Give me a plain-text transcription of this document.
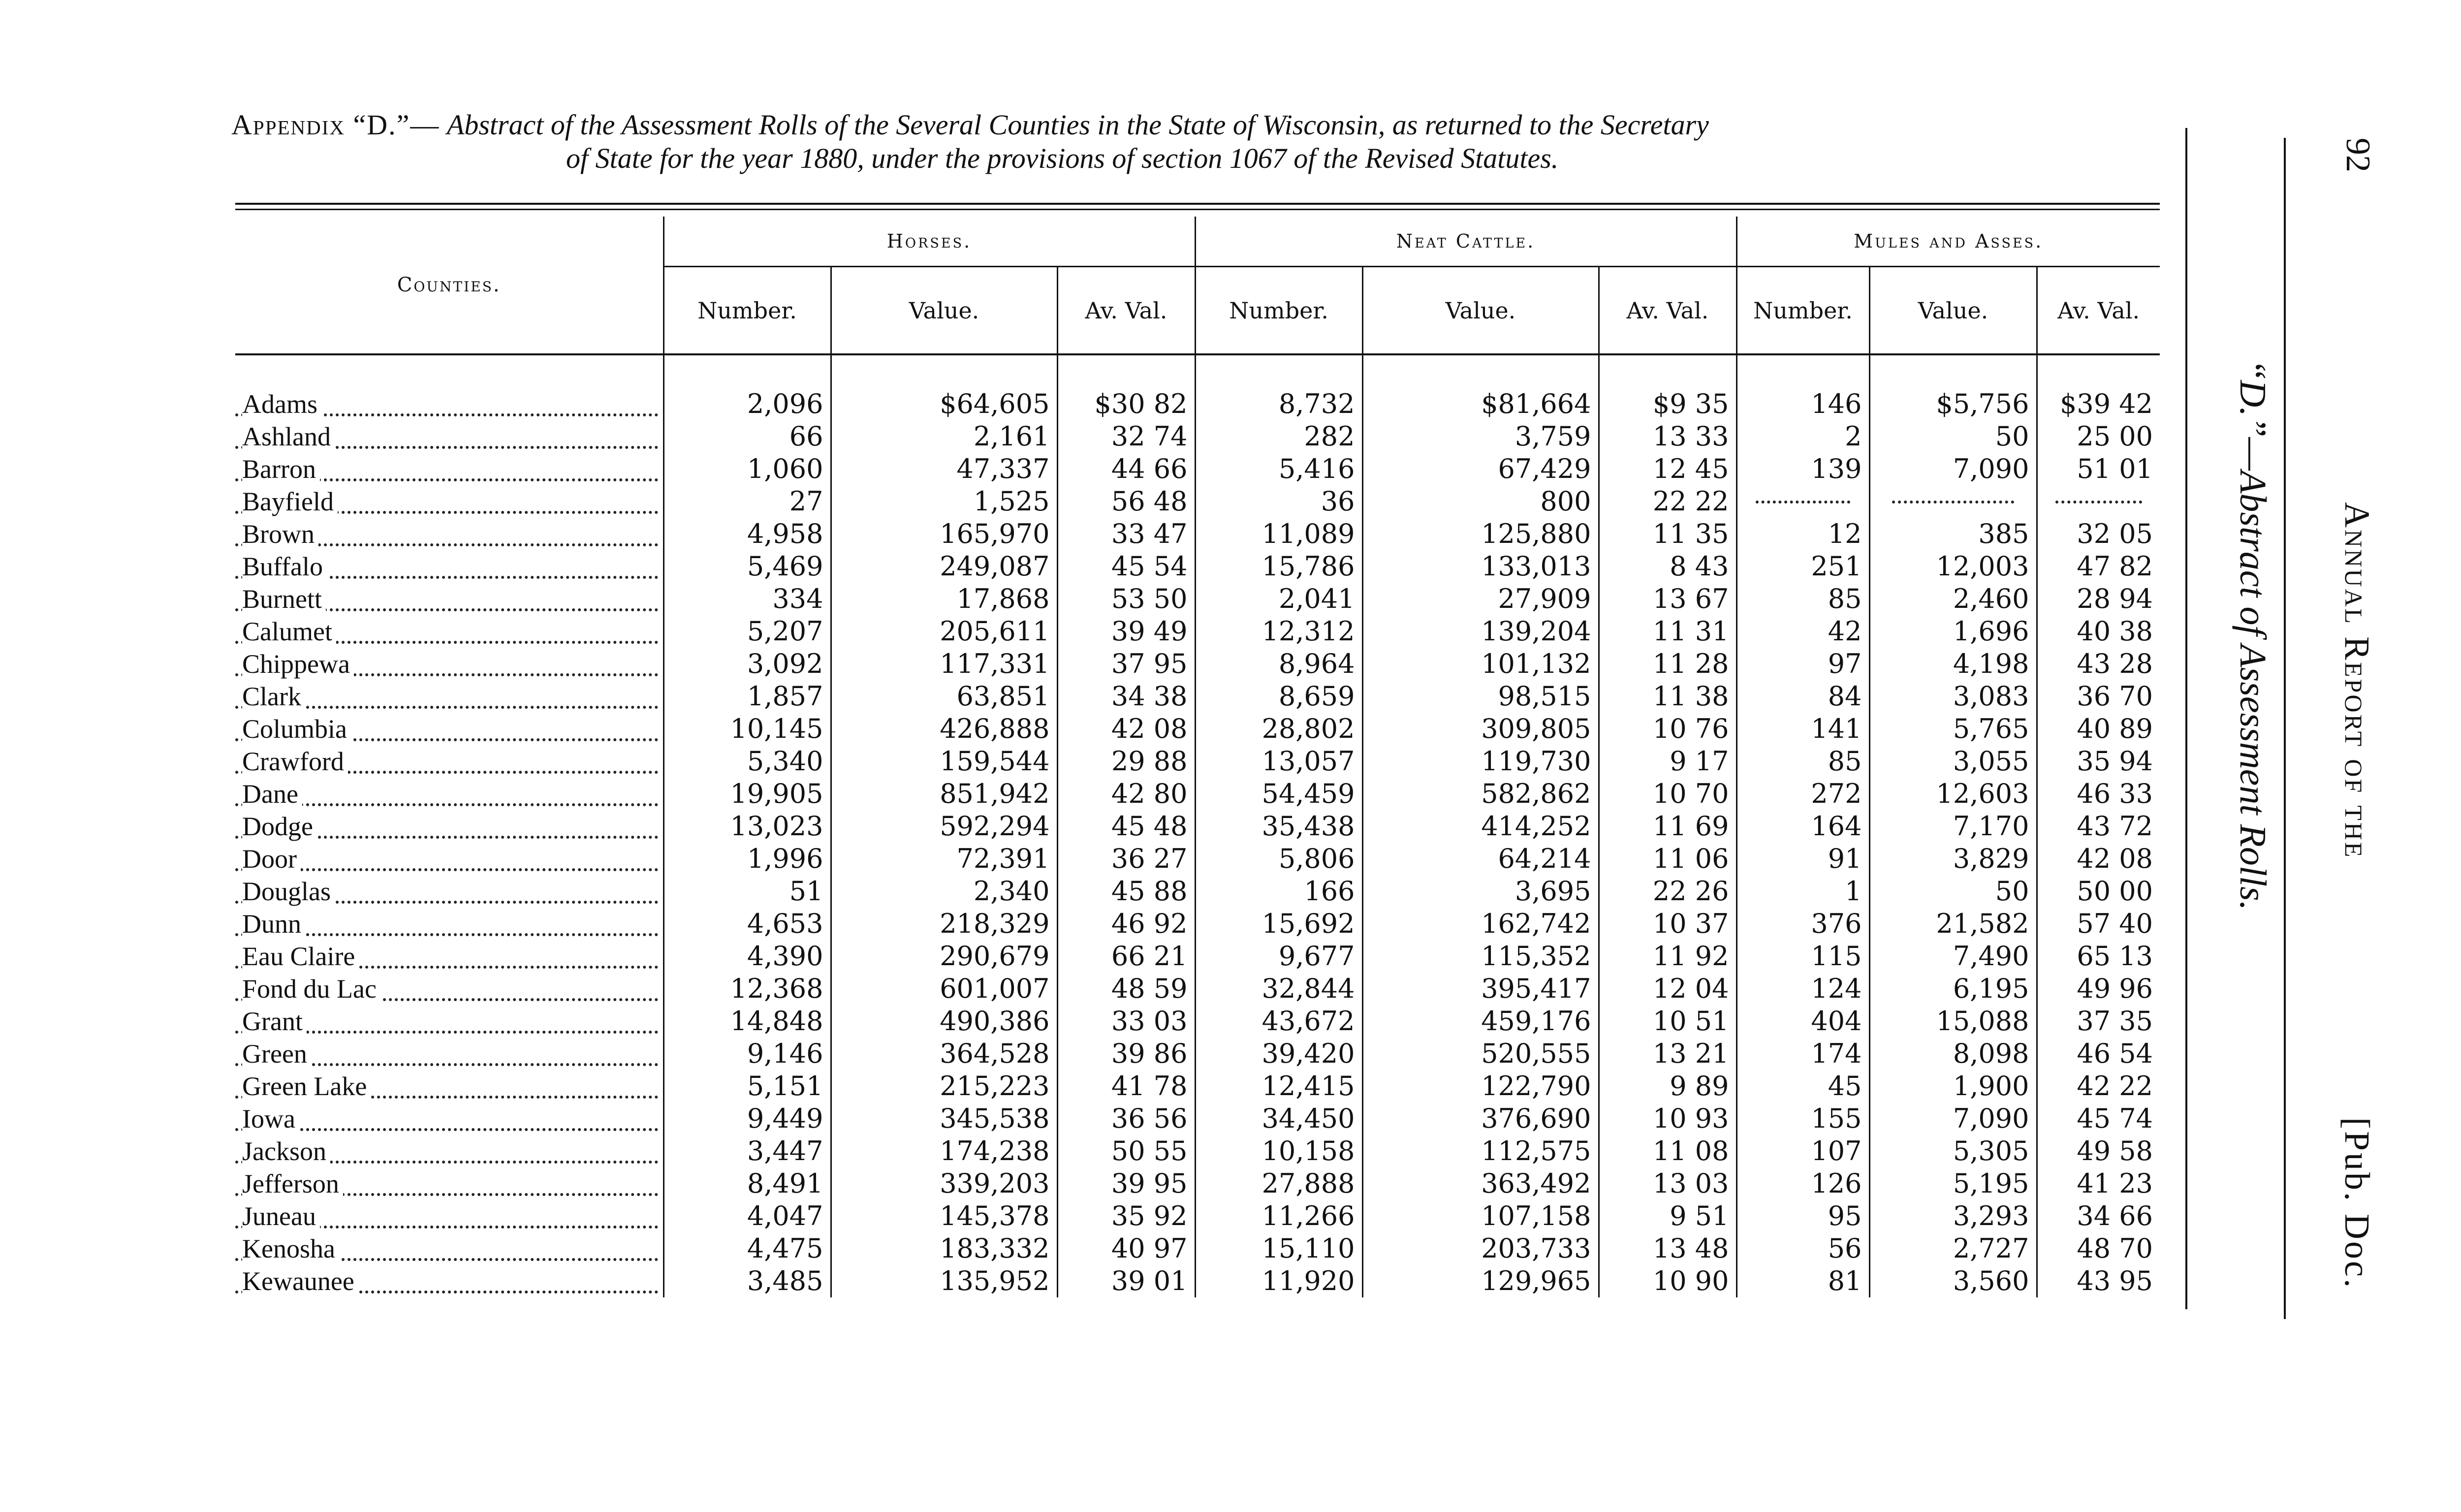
Appendix “D.”— Abstract of the Assessment Rolls of the Several Counties in the State of Wisconsin, as returned to the Secretary
of State for the year 1880, under the provisions of section 1067 of the Revised Statutes.	92
“D.”—Abstract of Assessment Rolls. Annual Report of the
[Pub. Doc.
Counties.	Horses.			Neat Cattle.			Mules and Asses.		
	Number.	Value.	Av. Val.	Number.	Value.	Av. Val.	Number.	Value.	Av. Val.

Adams	2,096	$64,605	$30 82	8,732	$81,664	$9 35	146	$5,756	$39 42

Ashland	66	2,161	32 74	282	3,759	13 33	2	50	25 00

Barron	1,060	47,337	44 66	5,416	67,429	12 45	139	7,090	51 01

Bayfield	27	1,525	56 48	36	800	22 22			

Brown	4,958	165,970	33 47	11,089	125,880	11 35	12	385	32 05

Buffalo	5,469	249,087	45 54	15,786	133,013	8 43	251	12,003	47 82

Burnett	334	17,868	53 50	2,041	27,909	13 67	85	2,460	28 94

Calumet	5,207	205,611	39 49	12,312	139,204	11 31	42	1,696	40 38

Chippewa	3,092	117,331	37 95	8,964	101,132	11 28	97	4,198	43 28

Clark	1,857	63,851	34 38	8,659	98,515	11 38	84	3,083	36 70

Columbia	10,145	426,888	42 08	28,802	309,805	10 76	141	5,765	40 89

Crawford	5,340	159,544	29 88	13,057	119,730	9 17	85	3,055	35 94

Dane	19,905	851,942	42 80	54,459	582,862	10 70	272	12,603	46 33

Dodge	13,023	592,294	45 48	35,438	414,252	11 69	164	7,170	43 72

Door	1,996	72,391	36 27	5,806	64,214	11 06	91	3,829	42 08

Douglas	51	2,340	45 88	166	3,695	22 26	1	50	50 00

Dunn	4,653	218,329	46 92	15,692	162,742	10 37	376	21,582	57 40

Eau Claire	4,390	290,679	66 21	9,677	115,352	11 92	115	7,490	65 13

Fond du Lac	12,368	601,007	48 59	32,844	395,417	12 04	124	6,195	49 96

Grant	14,848	490,386	33 03	43,672	459,176	10 51	404	15,088	37 35

Green	9,146	364,528	39 86	39,420	520,555	13 21	174	8,098	46 54

Green Lake	5,151	215,223	41 78	12,415	122,790	9 89	45	1,900	42 22

Iowa	9,449	345,538	36 56	34,450	376,690	10 93	155	7,090	45 74

Jackson	3,447	174,238	50 55	10,158	112,575	11 08	107	5,305	49 58

Jefferson	8,491	339,203	39 95	27,888	363,492	13 03	126	5,195	41 23

Juneau	4,047	145,378	35 92	11,266	107,158	9 51	95	3,293	34 66

Kenosha	4,475	183,332	40 97	15,110	203,733	13 48	56	2,727	48 70

Kewaunee	3,485	135,952	39 01	11,920	129,965	10 90	81	3,560	43 95
